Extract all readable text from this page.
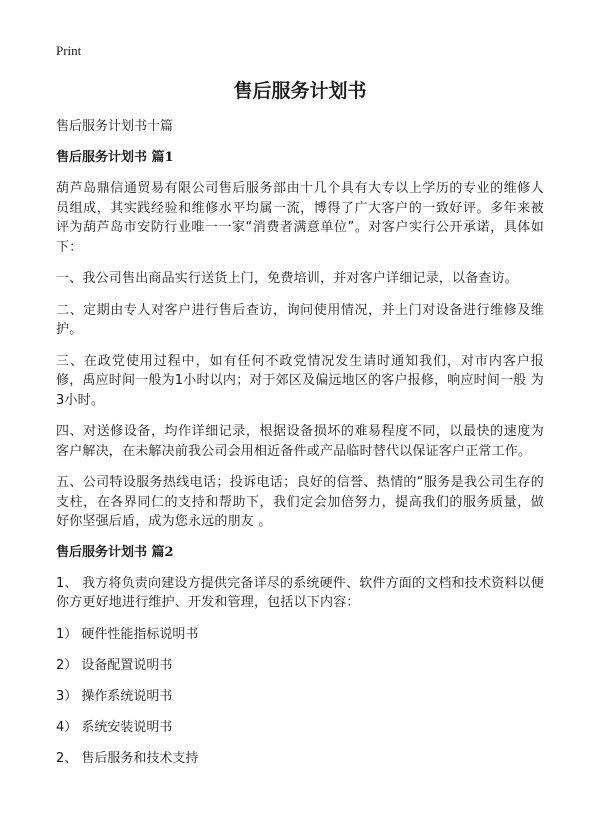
Print
售后服务计划书
售后服务计划书十篇
售后服务计划书 篇1

葫芦岛鼎信通贸易有限公司售后服务部由十几个具有大专以上学历的专业的维修人员组成，其实践经验和维修水平均属一流，博得了广大客户的一致好评。多年来被评为葫芦岛市安防行业唯一一家“消费者满意单位”。对客户实行公开承诺，具体如下：

一、我公司售出商品实行送货上门，免费培训，并对客户详细记录，以备查访。

二、定期由专人对客户进行售后查访，询问使用情况，并上门对设备进行维修及维护。

三、在政党使用过程中，如有任何不政党情况发生请时通知我们，对市内客户报修，禹应时间一般为1小时以内；对于郊区及偏远地区的客户报修，响应时间一般 为3小时。

四、对送修设备，均作详细记录，根据设备损坏的难易程度不同，以最快的速度为客户解决，在未解决前我公司会用相近备件或产品临时替代以保证客户正常工作。

五、公司特设服务热线电话；投诉电话；良好的信誉、热情的“服务是我公司生存的支柱，在各界同仁的支持和帮助下，我们定会加倍努力，提高我们的服务质量，做好你坚强后盾，成为您永远的朋友 。

售后服务计划书 篇2

1、 我方将负责向建设方提供完备详尽的系统硬件、软件方面的文档和技术资料以便你方更好地进行维护、开发和管理，包括以下内容：

1） 硬件性能指标说明书
2） 设备配置说明书
3） 操作系统说明书
4） 系统安装说明书
2、 售后服务和技术支持
